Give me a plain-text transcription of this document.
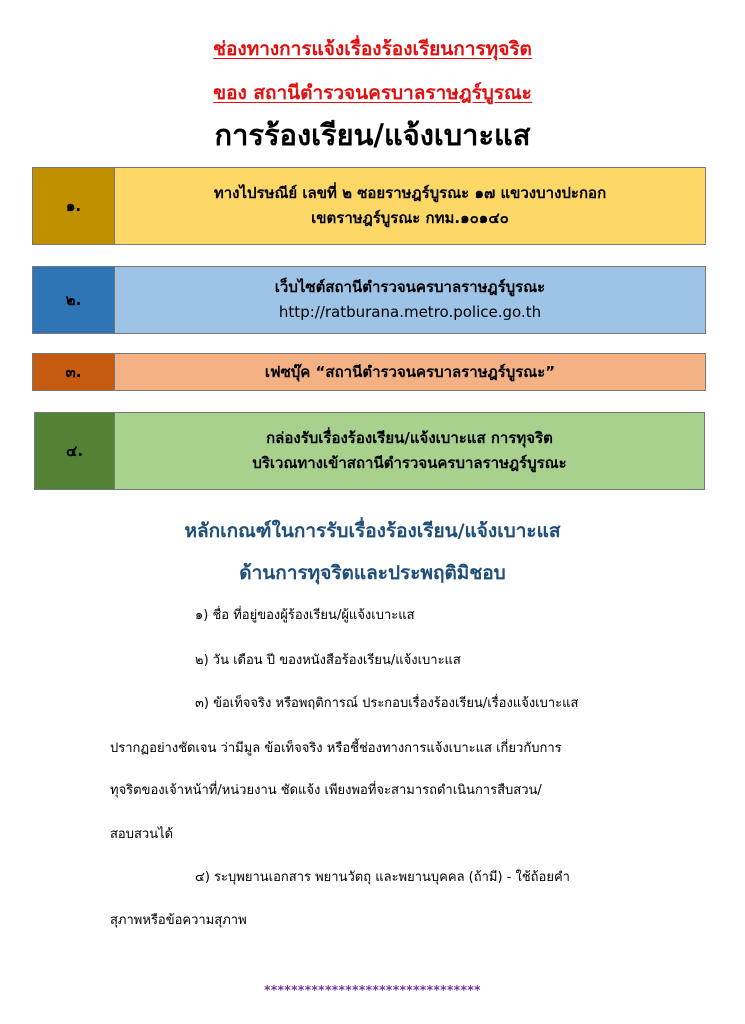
ช่องทางการแจ้งเรื่องร้องเรียนการทุจริต
ของ สถานีตำรวจนครบาลราษฎร์บูรณะ
การร้องเรียน/แจ้งเบาะแส
๑.
ทางไปรษณีย์ เลขที่ ๒ ซอยราษฎร์บูรณะ ๑๗ แขวงบางปะกอก
เขตราษฎร์บูรณะ กทม.๑๐๑๔๐
๒.
เว็บไซต์สถานีตำรวจนครบาลราษฎร์บูรณะ
http://ratburana.metro.police.go.th
๓.	เฟซบุ๊ค “สถานีตำรวจนครบาลราษฎร์บูรณะ”
๔.
กล่องรับเรื่องร้องเรียน/แจ้งเบาะแส การทุจริต
บริเวณทางเข้าสถานีตำรวจนครบาลราษฎร์บูรณะ
หลักเกณฑ์ในการรับเรื่องร้องเรียน/แจ้งเบาะแส
ด้านการทุจริตและประพฤติมิชอบ
๑) ชื่อ ที่อยู่ของผู้ร้องเรียน/ผู้แจ้งเบาะแส
๒) วัน เดือน ปี ของหนังสือร้องเรียน/แจ้งเบาะแส
๓) ข้อเท็จจริง หรือพฤติการณ์ ประกอบเรื่องร้องเรียน/เรื่องแจ้งเบาะแส
ปรากฏอย่างชัดเจน ว่ามีมูล ข้อเท็จจริง หรือชี้ช่องทางการแจ้งเบาะแส เกี่ยวกับการ
ทุจริตของเจ้าหน้าที่/หน่วยงาน ชัดแจ้ง เพียงพอที่จะสามารถดำเนินการสืบสวน/
สอบสวนได้
๔) ระบุพยานเอกสาร พยานวัตถุ และพยานบุคคล (ถ้ามี) - ใช้ถ้อยคำ
สุภาพหรือข้อความสุภาพ
********************************
